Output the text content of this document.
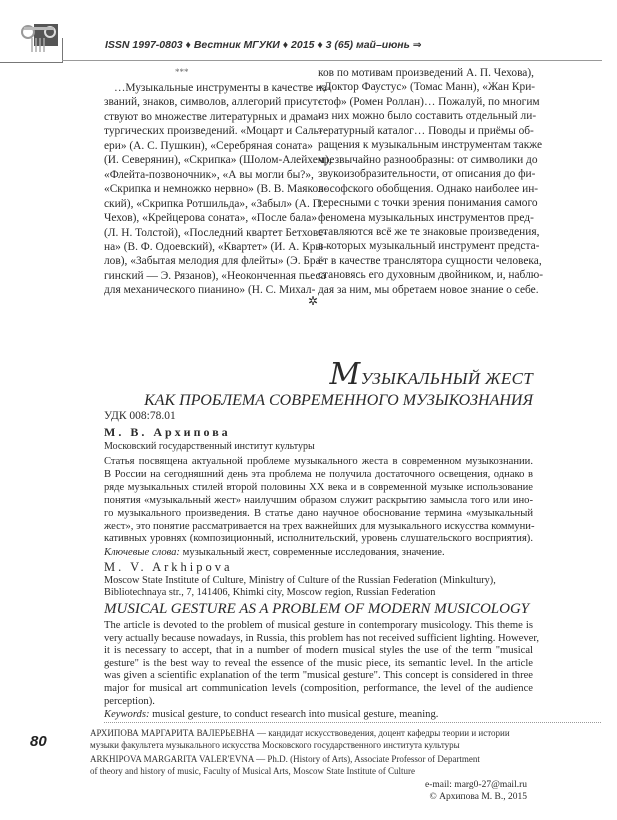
ISSN 1997-0803 ♦ Вестник МГУКИ ♦ 2015 ♦ 3 (65) май–июнь ⇒
***
…Музыкальные инструменты в качестве на-
званий, знаков, символов, аллегорий присут-
ствуют во множестве литературных и драма-
тургических произведений. «Моцарт и Саль-
ери» (А. С. Пушкин), «Серебряная соната»
(И. Северянин), «Скрипка» (Шолом-Алейхем),
«Флейта-позвоночник», «А вы могли бы?»,
«Скрипка и немножко нервно» (В. В. Маяков-
ский), «Скрипка Ротшильда», «Забыл» (А. П.
Чехов), «Крейцерова соната», «После бала»
(Л. Н. Толстой), «Последний квартет Бетхове-
на» (В. Ф. Одоевский), «Квартет» (И. А. Кры-
лов), «Забытая мелодия для флейты» (Э. Бра-
гинский — Э. Рязанов), «Неоконченная пьеса
для механического пианино» (Н. С. Михал-
ков по мотивам произведений А. П. Чехова),
«Доктор Фаустус» (Томас Манн), «Жан Кри-
стоф» (Ромен Роллан)… Пожалуй, по многим
из них можно было составить отдельный ли-
тературный каталог… Поводы и приёмы об-
ращения к музыкальным инструментам также
чрезвычайно разнообразны: от символики до
звукоизобразительности, от описания до фи-
лософского обобщения. Однако наиболее ин-
тересными с точки зрения понимания самого
феномена музыкальных инструментов пред-
ставляются всё же те знаковые произведения,
в которых музыкальный инструмент предста-
ёт в качестве транслятора сущности человека,
становясь его духовным двойником, и, наблю-
дая за ним, мы обретаем новое знание о себе.
✲
МУЗЫКАЛЬНЫЙ ЖЕСТ
КАК ПРОБЛЕМА СОВРЕМЕННОГО МУЗЫКОЗНАНИЯ
УДК 008:78.01
М. В. Архипова
Московский государственный институт культуры
Статья посвящена актуальной проблеме музыкального жеста в современном музыкознании.
В России на сегодняшний день эта проблема не получила достаточного освещения, однако в
ряде музыкальных стилей второй половины XX века и в современной музыке использование
понятия «музыкальный жест» наилучшим образом служит раскрытию замысла того или ино-
го музыкального произведения. В статье дано научное обоснование термина «музыкальный
жест», это понятие рассматривается на трех важнейших для музыкального искусства коммуни-
кативных уровнях (композиционный, исполнительский, уровень слушательского восприятия).
Ключевые слова: музыкальный жест, современные исследования, значение.
M. V. Arkhipova
Moscow State Institute of Culture, Ministry of Culture of the Russian Federation (Minkultury),
Bibliotechnaya str., 7, 141406, Khimki city, Moscow region, Russian Federation
MUSICAL GESTURE AS A PROBLEM OF MODERN MUSICOLOGY
The article is devoted to the problem of musical gesture in contemporary musicology. This theme is
very actually because nowadays, in Russia, this problem has not received sufficient lighting. However,
it is necessary to accept, that in a number of modern musical styles the use of the term "musical
gesture" is the best way to reveal the essence of the music piece, its semantic level. In the article
was given a scientific explanation of the term "musical gesture". This concept is considered in three
major for musical art communication levels (composition, performance, the level of the audience
perception).
Keywords: musical gesture, to conduct research into musical gesture, meaning.
80	АРХИПОВА МАРГАРИТА ВАЛЕРЬЕВНА — кандидат искусствоведения, доцент кафедры теории и истории
музыки факультета музыкального искусства Московского государственного института культуры
ARKHIPOVA MARGARITA VALER'EVNA — Ph.D. (History of Arts), Associate Professor of Department
of theory and history of music, Faculty of Musical Arts, Moscow State Institute of Culture
e-mail: marg0-27@mail.ru
© Архипова М. В., 2015
